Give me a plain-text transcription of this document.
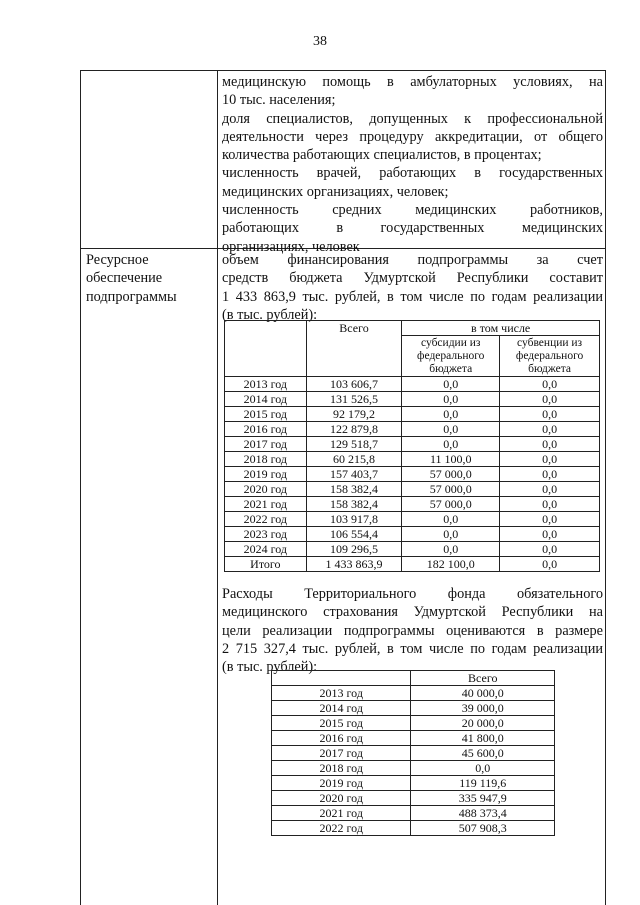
38
медицинскую помощь в амбулаторных условиях, на
10 тыс. населения;
доля специалистов, допущенных к профессиональной
деятельности через процедуру аккредитации, от общего
количества работающих специалистов, в процентах;
численность врачей, работающих в государственных
медицинских организациях, человек;
численность средних медицинских работников,
работающих в государственных медицинских
организациях, человек
Ресурсное
обеспечение
подпрограммы
объем финансирования подпрограммы за счет
средств бюджета Удмуртской Республики составит
1 433 863,9 тыс. рублей, в том числе по годам реализации
(в тыс. рублей):
	Всего	в том числе	
		субсидии из федерального бюджета	субвенции из федерального бюджета
2013 год	103 606,7	0,0	0,0
2014 год	131 526,5	0,0	0,0
2015 год	92 179,2	0,0	0,0
2016 год	122 879,8	0,0	0,0
2017 год	129 518,7	0,0	0,0
2018 год	60 215,8	11 100,0	0,0
2019 год	157 403,7	57 000,0	0,0
2020 год	158 382,4	57 000,0	0,0
2021 год	158 382,4	57 000,0	0,0
2022 год	103 917,8	0,0	0,0
2023 год	106 554,4	0,0	0,0
2024 год	109 296,5	0,0	0,0
Итого	1 433 863,9	182 100,0	0,0
Расходы Территориального фонда обязательного
медицинского страхования Удмуртской Республики на
цели реализации подпрограммы оцениваются в размере
2 715 327,4 тыс. рублей, в том числе по годам реализации
(в тыс. рублей):
	Всего
2013 год	40 000,0
2014 год	39 000,0
2015 год	20 000,0
2016 год	41 800,0
2017 год	45 600,0
2018 год	0,0
2019 год	119 119,6
2020 год	335 947,9
2021 год	488 373,4
2022 год	507 908,3
